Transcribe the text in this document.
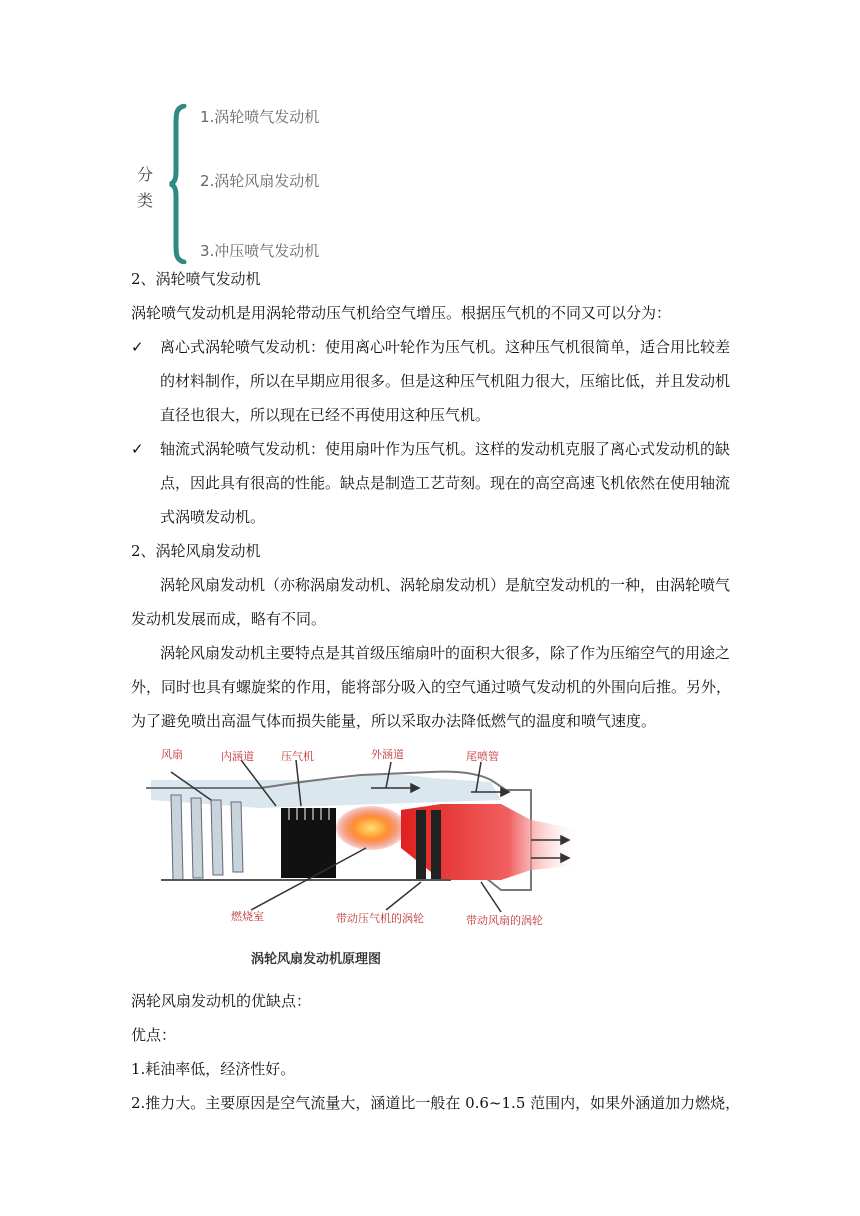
分
类
1.涡轮喷气发动机
2.涡轮风扇发动机
3.冲压喷气发动机
2、涡轮喷气发动机
涡轮喷气发动机是用涡轮带动压气机给空气增压。根据压气机的不同又可以分为：
✓ 离心式涡轮喷气发动机：使用离心叶轮作为压气机。这种压气机很简单，适合用比较差
的材料制作，所以在早期应用很多。但是这种压气机阻力很大，压缩比低，并且发动机
直径也很大，所以现在已经不再使用这种压气机。
✓ 轴流式涡轮喷气发动机：使用扇叶作为压气机。这样的发动机克服了离心式发动机的缺
点，因此具有很高的性能。缺点是制造工艺苛刻。现在的高空高速飞机依然在使用轴流
式涡喷发动机。
2、涡轮风扇发动机
涡轮风扇发动机（亦称涡扇发动机、涡轮扇发动机）是航空发动机的一种，由涡轮喷气
发动机发展而成，略有不同。
涡轮风扇发动机主要特点是其首级压缩扇叶的面积大很多，除了作为压缩空气的用途之
外，同时也具有螺旋桨的作用，能将部分吸入的空气通过喷气发动机的外围向后推。另外，
为了避免喷出高温气体而损失能量，所以采取办法降低燃气的温度和喷气速度。
风扇	内涵道 压气机	外涵道	尾喷管
燃烧室	带动压气机的涡轮	带动风扇的涡轮
涡轮风扇发动机原理图
涡轮风扇发动机的优缺点：
优点：
1.耗油率低，经济性好。
2.推力大。主要原因是空气流量大，涵道比一般在 0.6~1.5 范围内，如果外涵道加力燃烧，
